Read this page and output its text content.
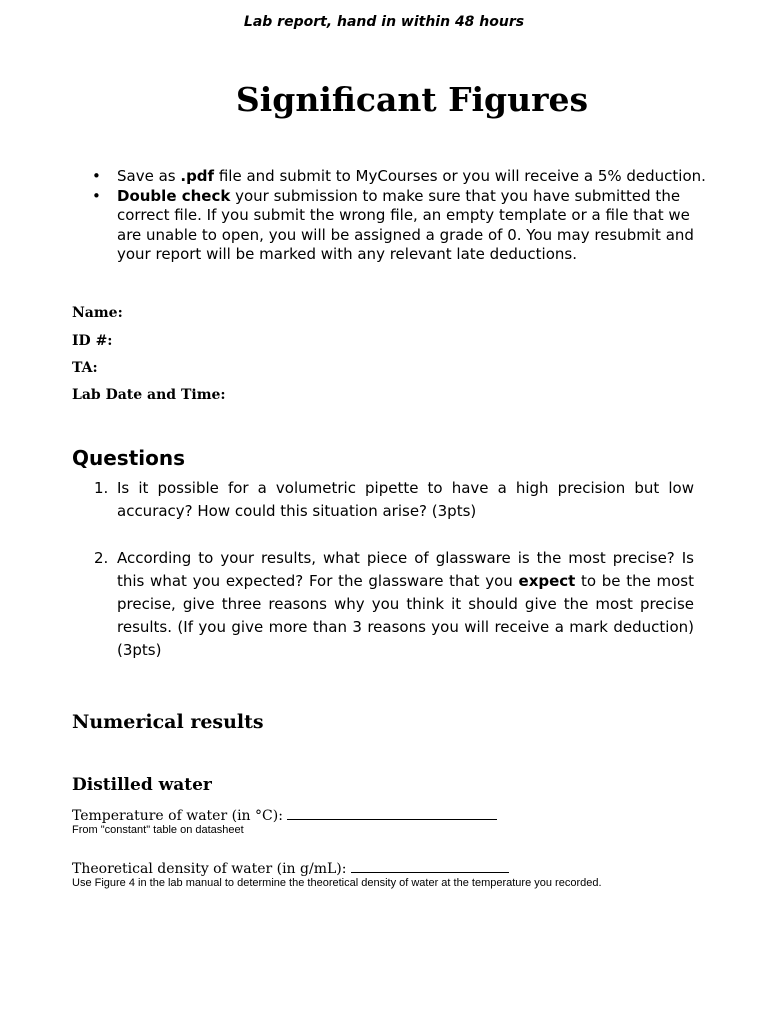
Lab report, hand in within 48 hours
Significant Figures
• Save as .pdf file and submit to MyCourses or you will receive a 5% deduction.
• Double check your submission to make sure that you have submitted the correct file. If you submit the wrong file, an empty template or a file that we are unable to open, you will be assigned a grade of 0. You may resubmit and your report will be marked with any relevant late deductions.

Name:

ID #:

TA:

Lab Date and Time:

Questions
1. Is it possible for a volumetric pipette to have a high precision but low accuracy? How could this situation arise? (3pts)
2. According to your results, what piece of glassware is the most precise? Is this what you expected? For the glassware that you expect to be the most precise, give three reasons why you think it should give the most precise results. (If you give more than 3 reasons you will receive a mark deduction) (3pts)
Numerical results
Distilled water

Temperature of water (in °C):

From "constant" table on datasheet

Theoretical density of water (in g/mL):

Use Figure 4 in the lab manual to determine the theoretical density of water at the temperature you recorded.
